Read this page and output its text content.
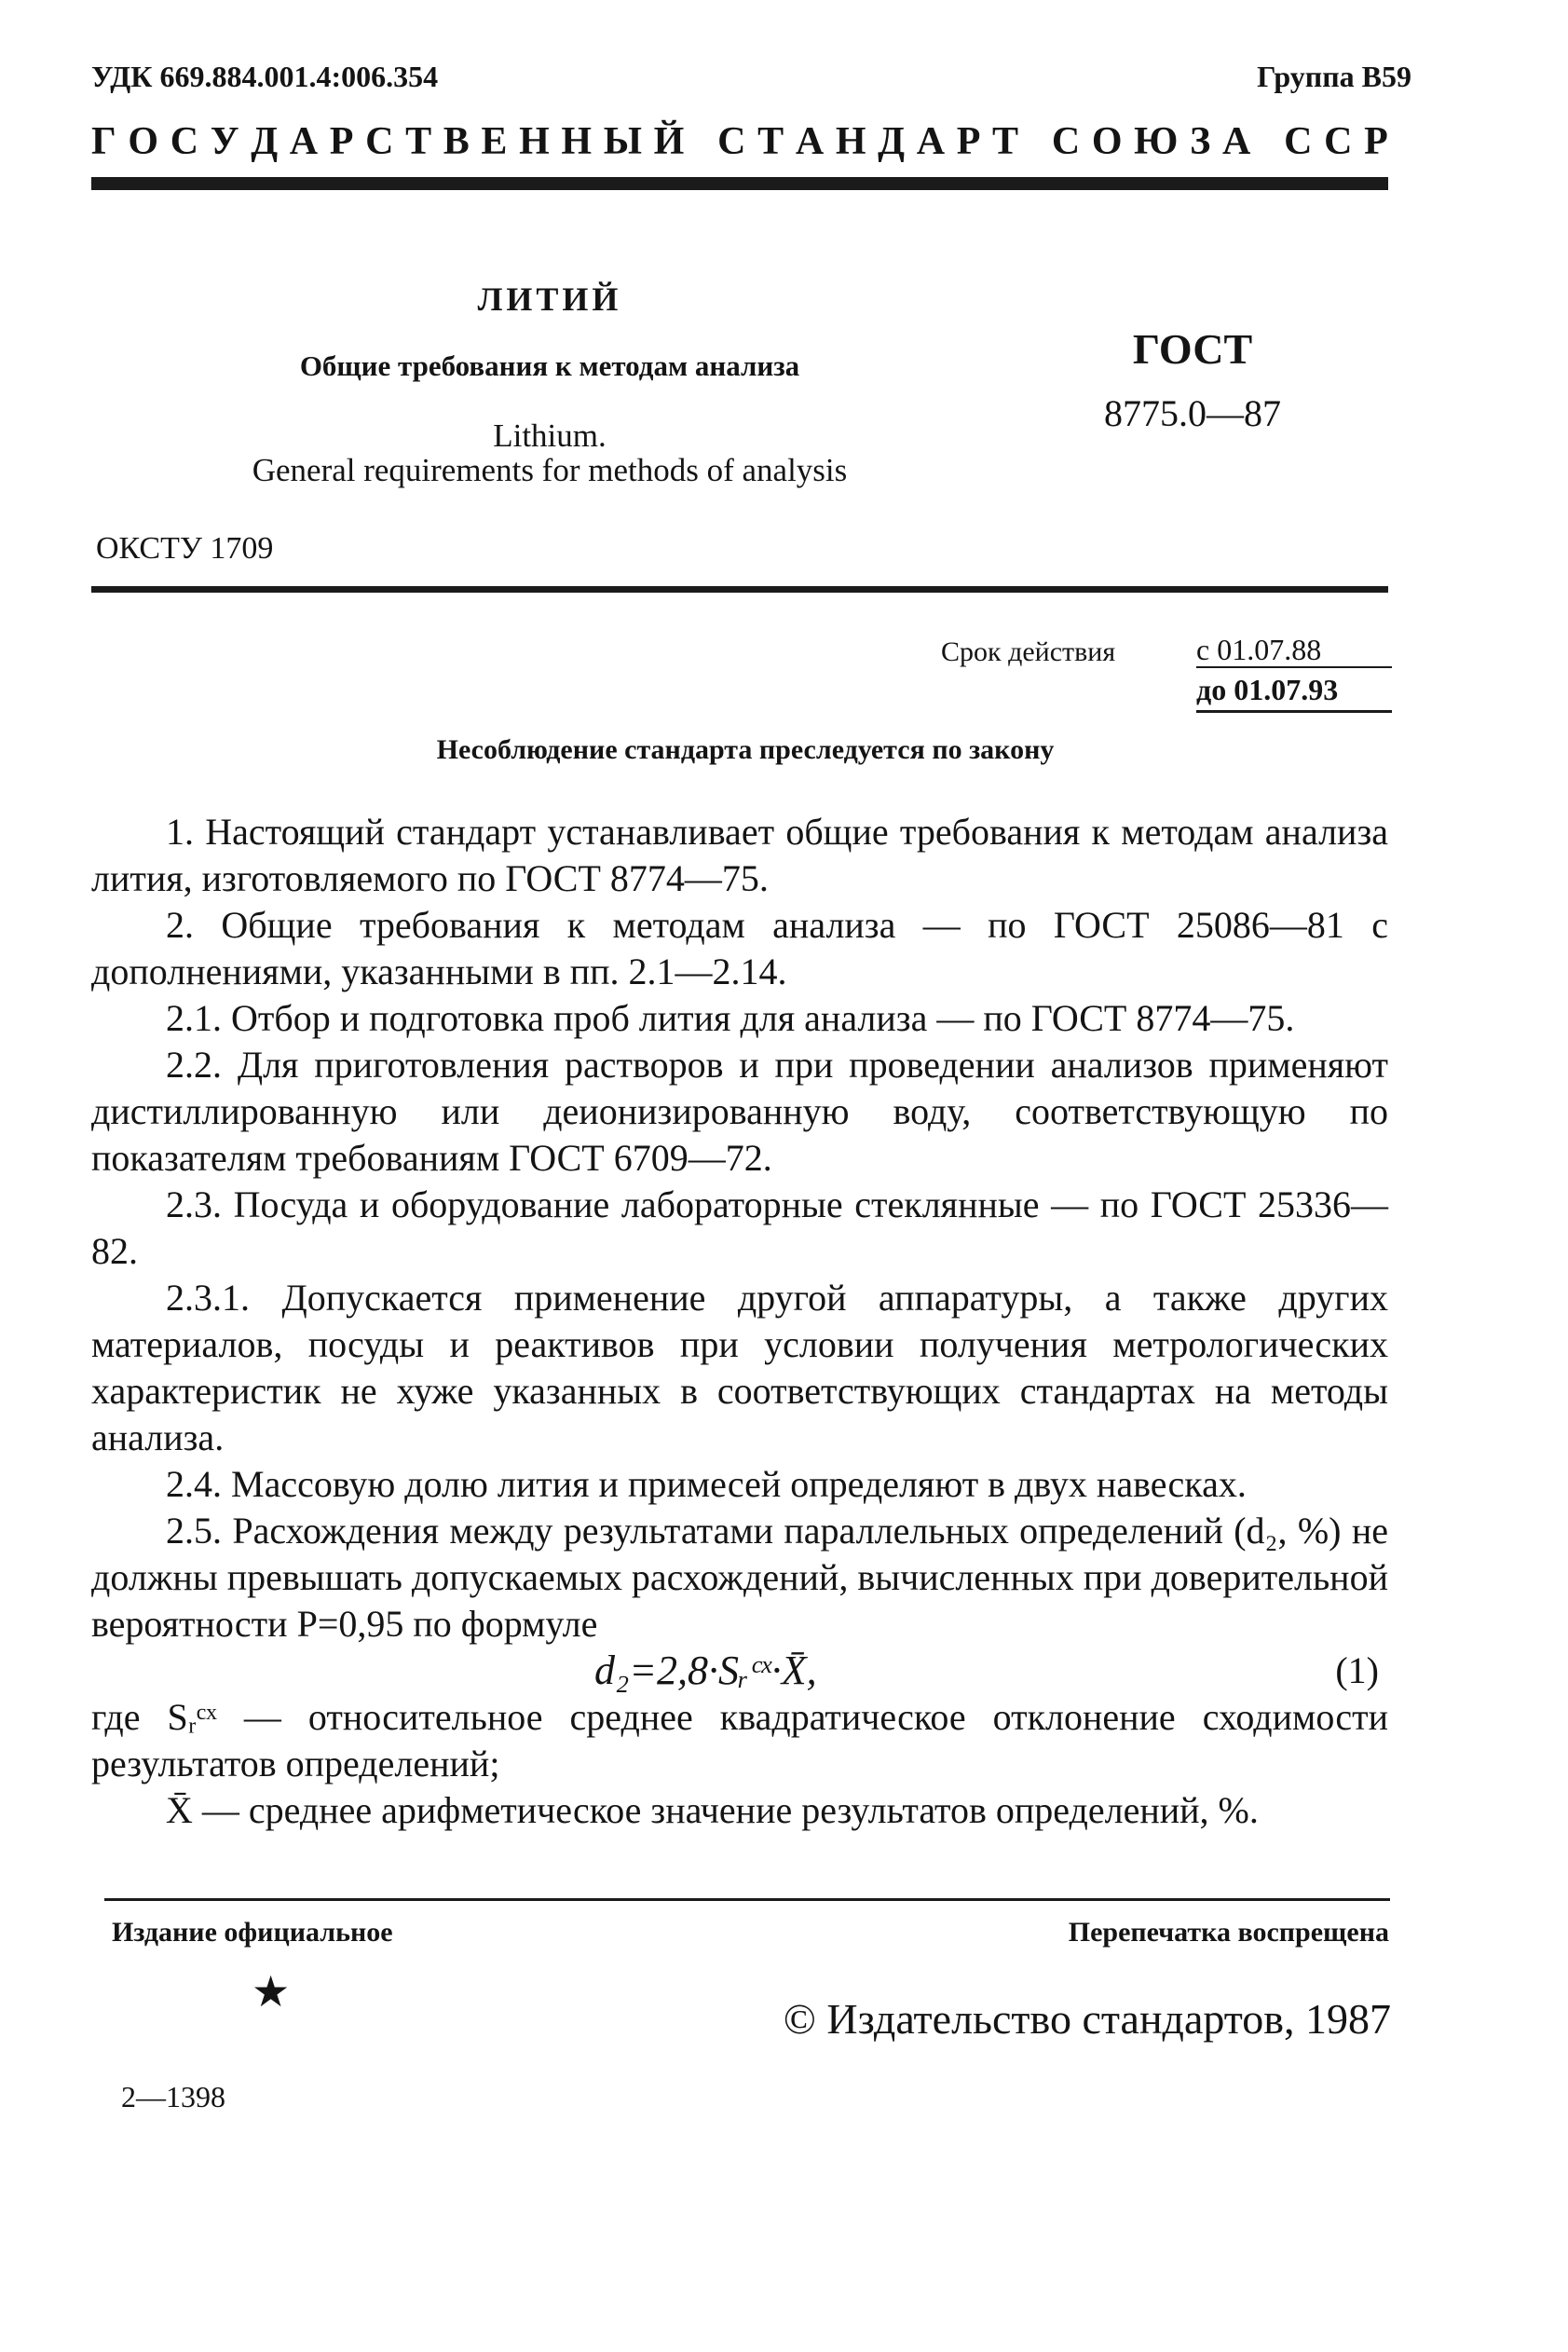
УДК 669.884.001.4:006.354	Группа В59
Г О С У Д А Р С Т В Е Н Н Ы Й
С Т А Н Д А Р Т
С О Ю З А
С С Р
ЛИТИЙ
Общие требования к методам анализа
Lithium.
General requirements for methods of analysis
ГОСТ
8775.0—87
ОКСТУ 1709
Срок действия	с 01.07.88
до 01.07.93
Несоблюдение стандарта преследуется по закону

1. Настоящий стандарт устанавливает общие требования к методам анализа лития, изготовляемого по ГОСТ 8774—75.

2. Общие требования к методам анализа — по ГОСТ 25086—81 с дополнениями, указанными в пп. 2.1—2.14.

2.1. Отбор и подготовка проб лития для анализа — по ГОСТ 8774—75.

2.2. Для приготовления растворов и при проведении анализов применяют дистиллированную или деионизированную воду, соответствующую по показателям требованиям ГОСТ 6709—72.

2.3. Посуда и оборудование лабораторные стеклянные — по ГОСТ 25336—82.

2.3.1. Допускается применение другой аппаратуры, а также других материалов, посуды и реактивов при условии получения метрологических характеристик не хуже указанных в соответствующих стандартах на методы анализа.

2.4. Массовую долю лития и примесей определяют в двух навесках.

2.5. Расхождения между результатами параллельных определений (d₂, %) не должны превышать допускаемых расхождений, вычисленных при доверительной вероятности P=0,95 по формуле

d₂=2,8·Sᵣᶜˣ·X̄,	(1)

где Sᵣᶜˣ — относительное среднее квадратическое отклонение сходимости результатов определений;

X̄ — среднее арифметическое значение результатов определений, %.

Издание официальное	Перепечатка воспрещена
★
© Издательство стандартов, 1987
2—1398
